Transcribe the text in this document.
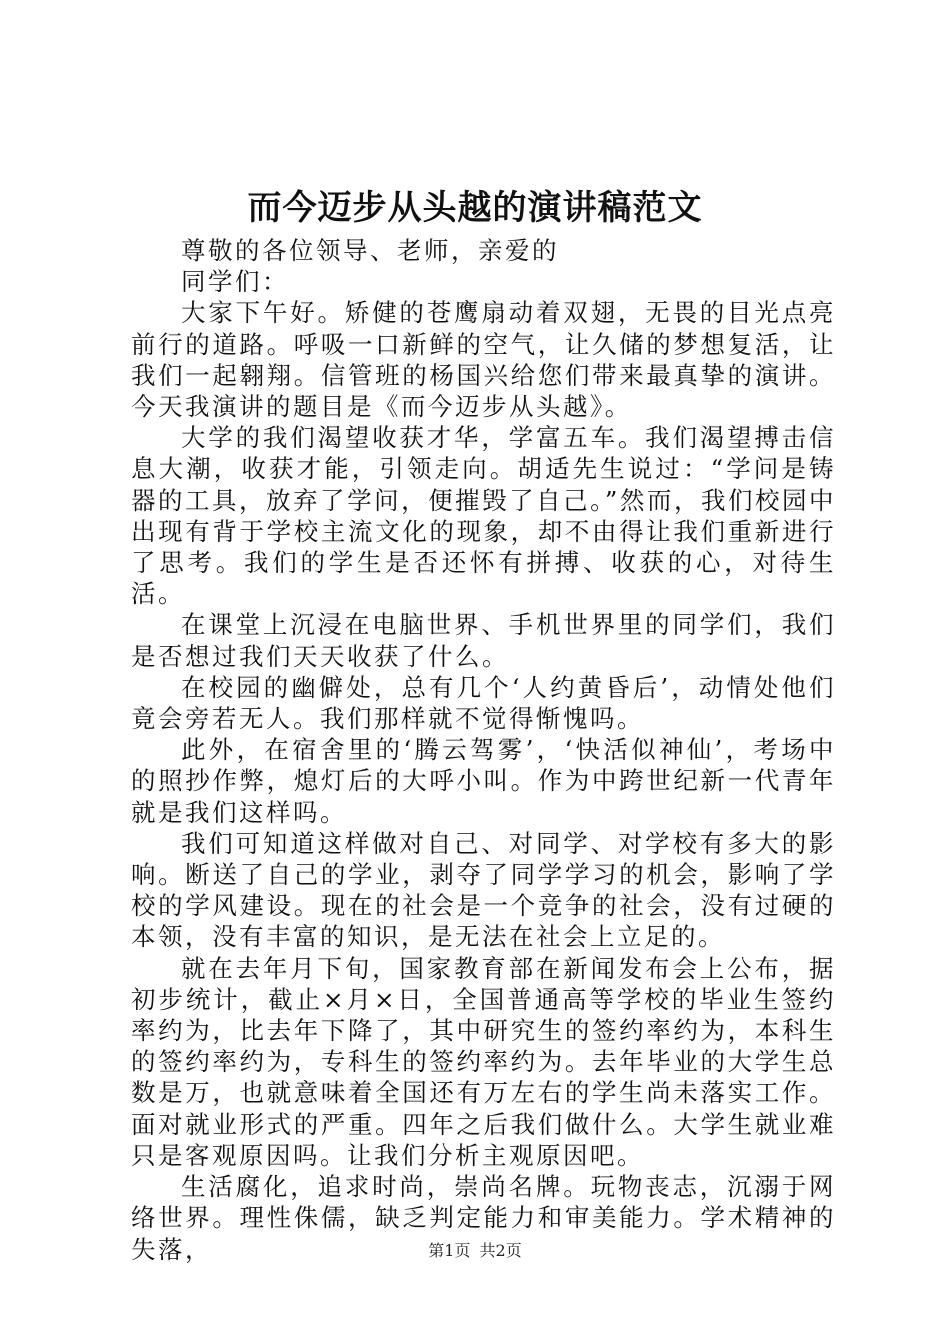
而今迈步从头越的演讲稿范文

尊敬的各位领导、老师，亲爱的

同学们：

大家下午好。矫健的苍鹰扇动着双翅，无畏的目光点亮前行的道路。呼吸一口新鲜的空气，让久储的梦想复活，让我们一起翱翔。信管班的杨国兴给您们带来最真挚的演讲。今天我演讲的题目是《而今迈步从头越》。

大学的我们渴望收获才华，学富五车。我们渴望搏击信息大潮，收获才能，引领走向。胡适先生说过：“学问是铸器的工具，放弃了学问，便摧毁了自己。”然而，我们校园中出现有背于学校主流文化的现象，却不由得让我们重新进行了思考。我们的学生是否还怀有拼搏、收获的心，对待生活。

在课堂上沉浸在电脑世界、手机世界里的同学们，我们是否想过我们天天收获了什么。

在校园的幽僻处，总有几个‘人约黄昏后’，动情处他们竟会旁若无人。我们那样就不觉得惭愧吗。

此外，在宿舍里的‘腾云驾雾’，‘快活似神仙’，考场中的照抄作弊，熄灯后的大呼小叫。作为中跨世纪新一代青年就是我们这样吗。

我们可知道这样做对自己、对同学、对学校有多大的影响。断送了自己的学业，剥夺了同学学习的机会，影响了学校的学风建设。现在的社会是一个竞争的社会，没有过硬的本领，没有丰富的知识，是无法在社会上立足的。

就在去年月下旬，国家教育部在新闻发布会上公布，据初步统计，截止×月×日，全国普通高等学校的毕业生签约率约为，比去年下降了，其中研究生的签约率约为，本科生的签约率约为，专科生的签约率约为。去年毕业的大学生总数是万，也就意味着全国还有万左右的学生尚未落实工作。面对就业形式的严重。四年之后我们做什么。大学生就业难只是客观原因吗。让我们分析主观原因吧。

生活腐化，追求时尚，崇尚名牌。玩物丧志，沉溺于网络世界。理性侏儒，缺乏判定能力和审美能力。学术精神的失落，	第1页 共2页
